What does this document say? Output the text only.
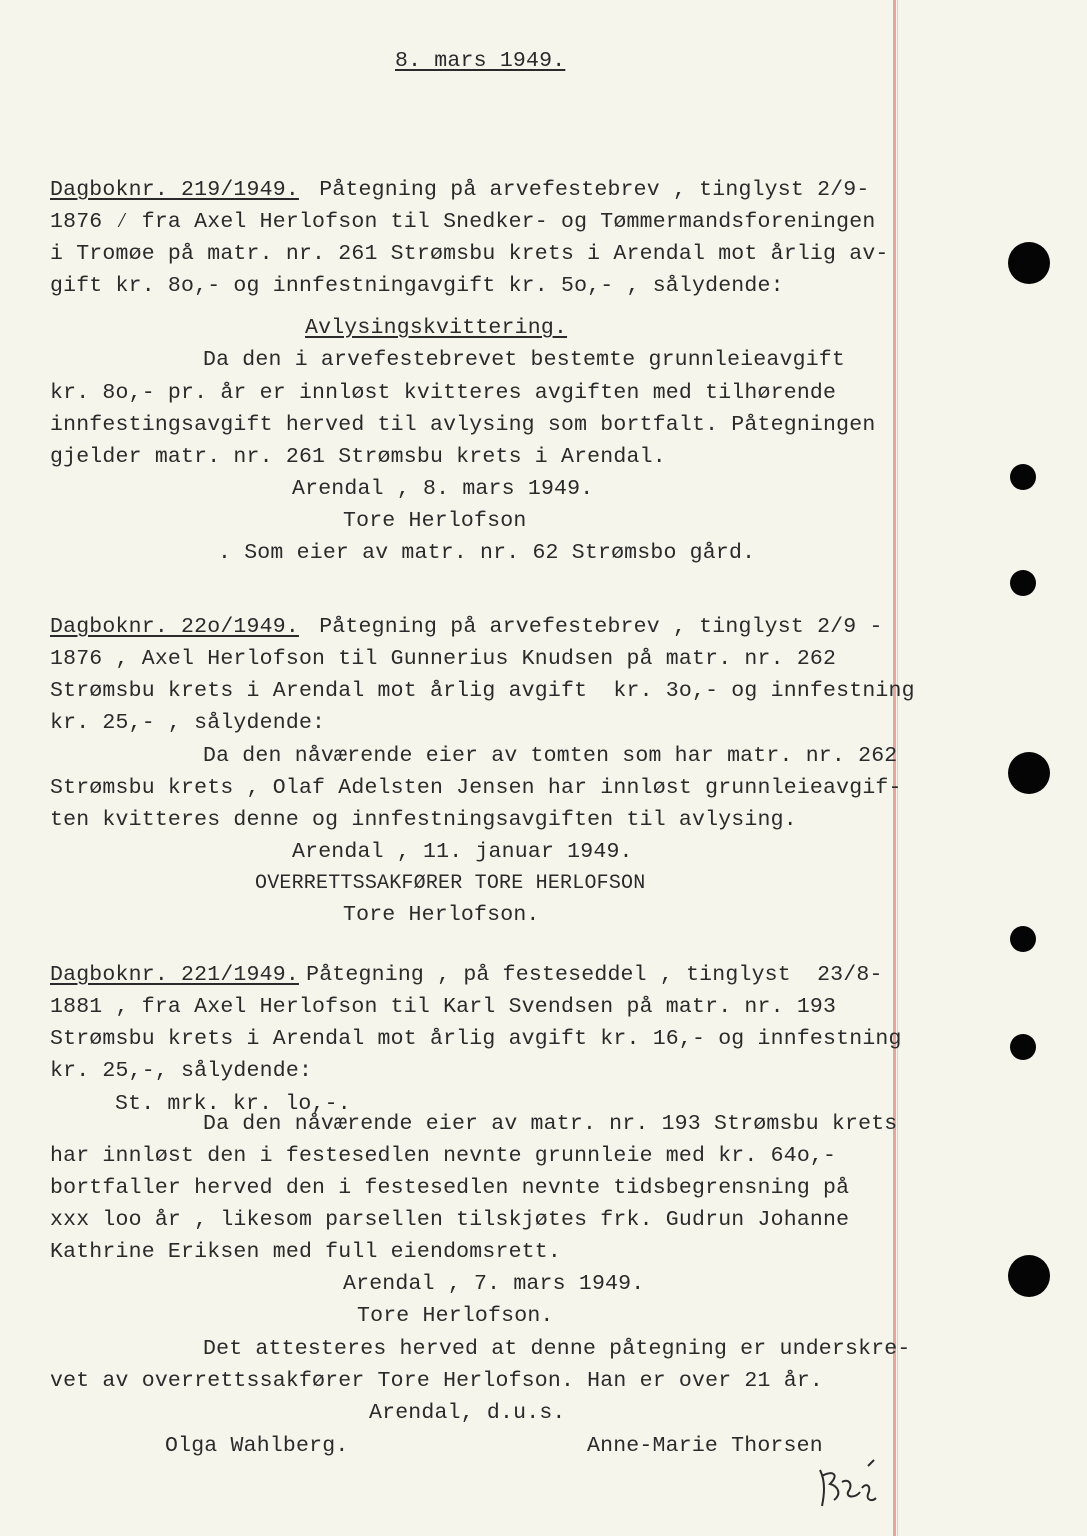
8. mars 1949.
Dagboknr. 219/1949.
Påtegning på arvefestebrev , tinglyst 2/9-
1876 ⁄ fra Axel Herlofson til Snedker- og Tømmermandsforeningen
i Tromøe på matr. nr. 261 Strømsbu krets i Arendal mot årlig av-
gift kr. 8o,- og innfestningavgift kr. 5o,- , sålydende:
Avlysingskvittering.
Da den i arvefestebrevet bestemte grunnleieavgift
kr. 8o,- pr. år er innløst kvitteres avgiften med tilhørende
innfestingsavgift herved til avlysing som bortfalt. Påtegningen
gjelder matr. nr. 261 Strømsbu krets i Arendal.
Arendal , 8. mars 1949.
Tore Herlofson
. Som eier av matr. nr. 62 Strømsbo gård.
Dagboknr. 22o/1949.
Påtegning på arvefestebrev , tinglyst 2/9 -
1876 , Axel Herlofson til Gunnerius Knudsen på matr. nr. 262
Strømsbu krets i Arendal mot årlig avgift  kr. 3o,- og innfestning
kr. 25,- , sålydende:
Da den nåværende eier av tomten som har matr. nr. 262
Strømsbu krets , Olaf Adelsten Jensen har innløst grunnleieavgif-
ten kvitteres denne og innfestningsavgiften til avlysing.
Arendal , 11. januar 1949.
OVERRETTSSAKFØRER TORE HERLOFSON
Tore Herlofson.
Dagboknr. 221/1949.
Påtegning , på festeseddel , tinglyst  23/8-
1881 , fra Axel Herlofson til Karl Svendsen på matr. nr. 193
Strømsbu krets i Arendal mot årlig avgift kr. 16,- og innfestning
kr. 25,-, sålydende:
St. mrk. kr. lo,-.
Da den nåværende eier av matr. nr. 193 Strømsbu krets
har innløst den i festesedlen nevnte grunnleie med kr. 64o,-
bortfaller herved den i festesedlen nevnte tidsbegrensning på
xxx loo år , likesom parsellen tilskjøtes frk. Gudrun Johanne
Kathrine Eriksen med full eiendomsrett.
Arendal , 7. mars 1949.
Tore Herlofson.
Det attesteres herved at denne påtegning er underskre-
vet av overrettssakfører Tore Herlofson. Han er over 21 år.
Arendal, d.u.s.
Olga Wahlberg.	Anne-Marie Thorsen
